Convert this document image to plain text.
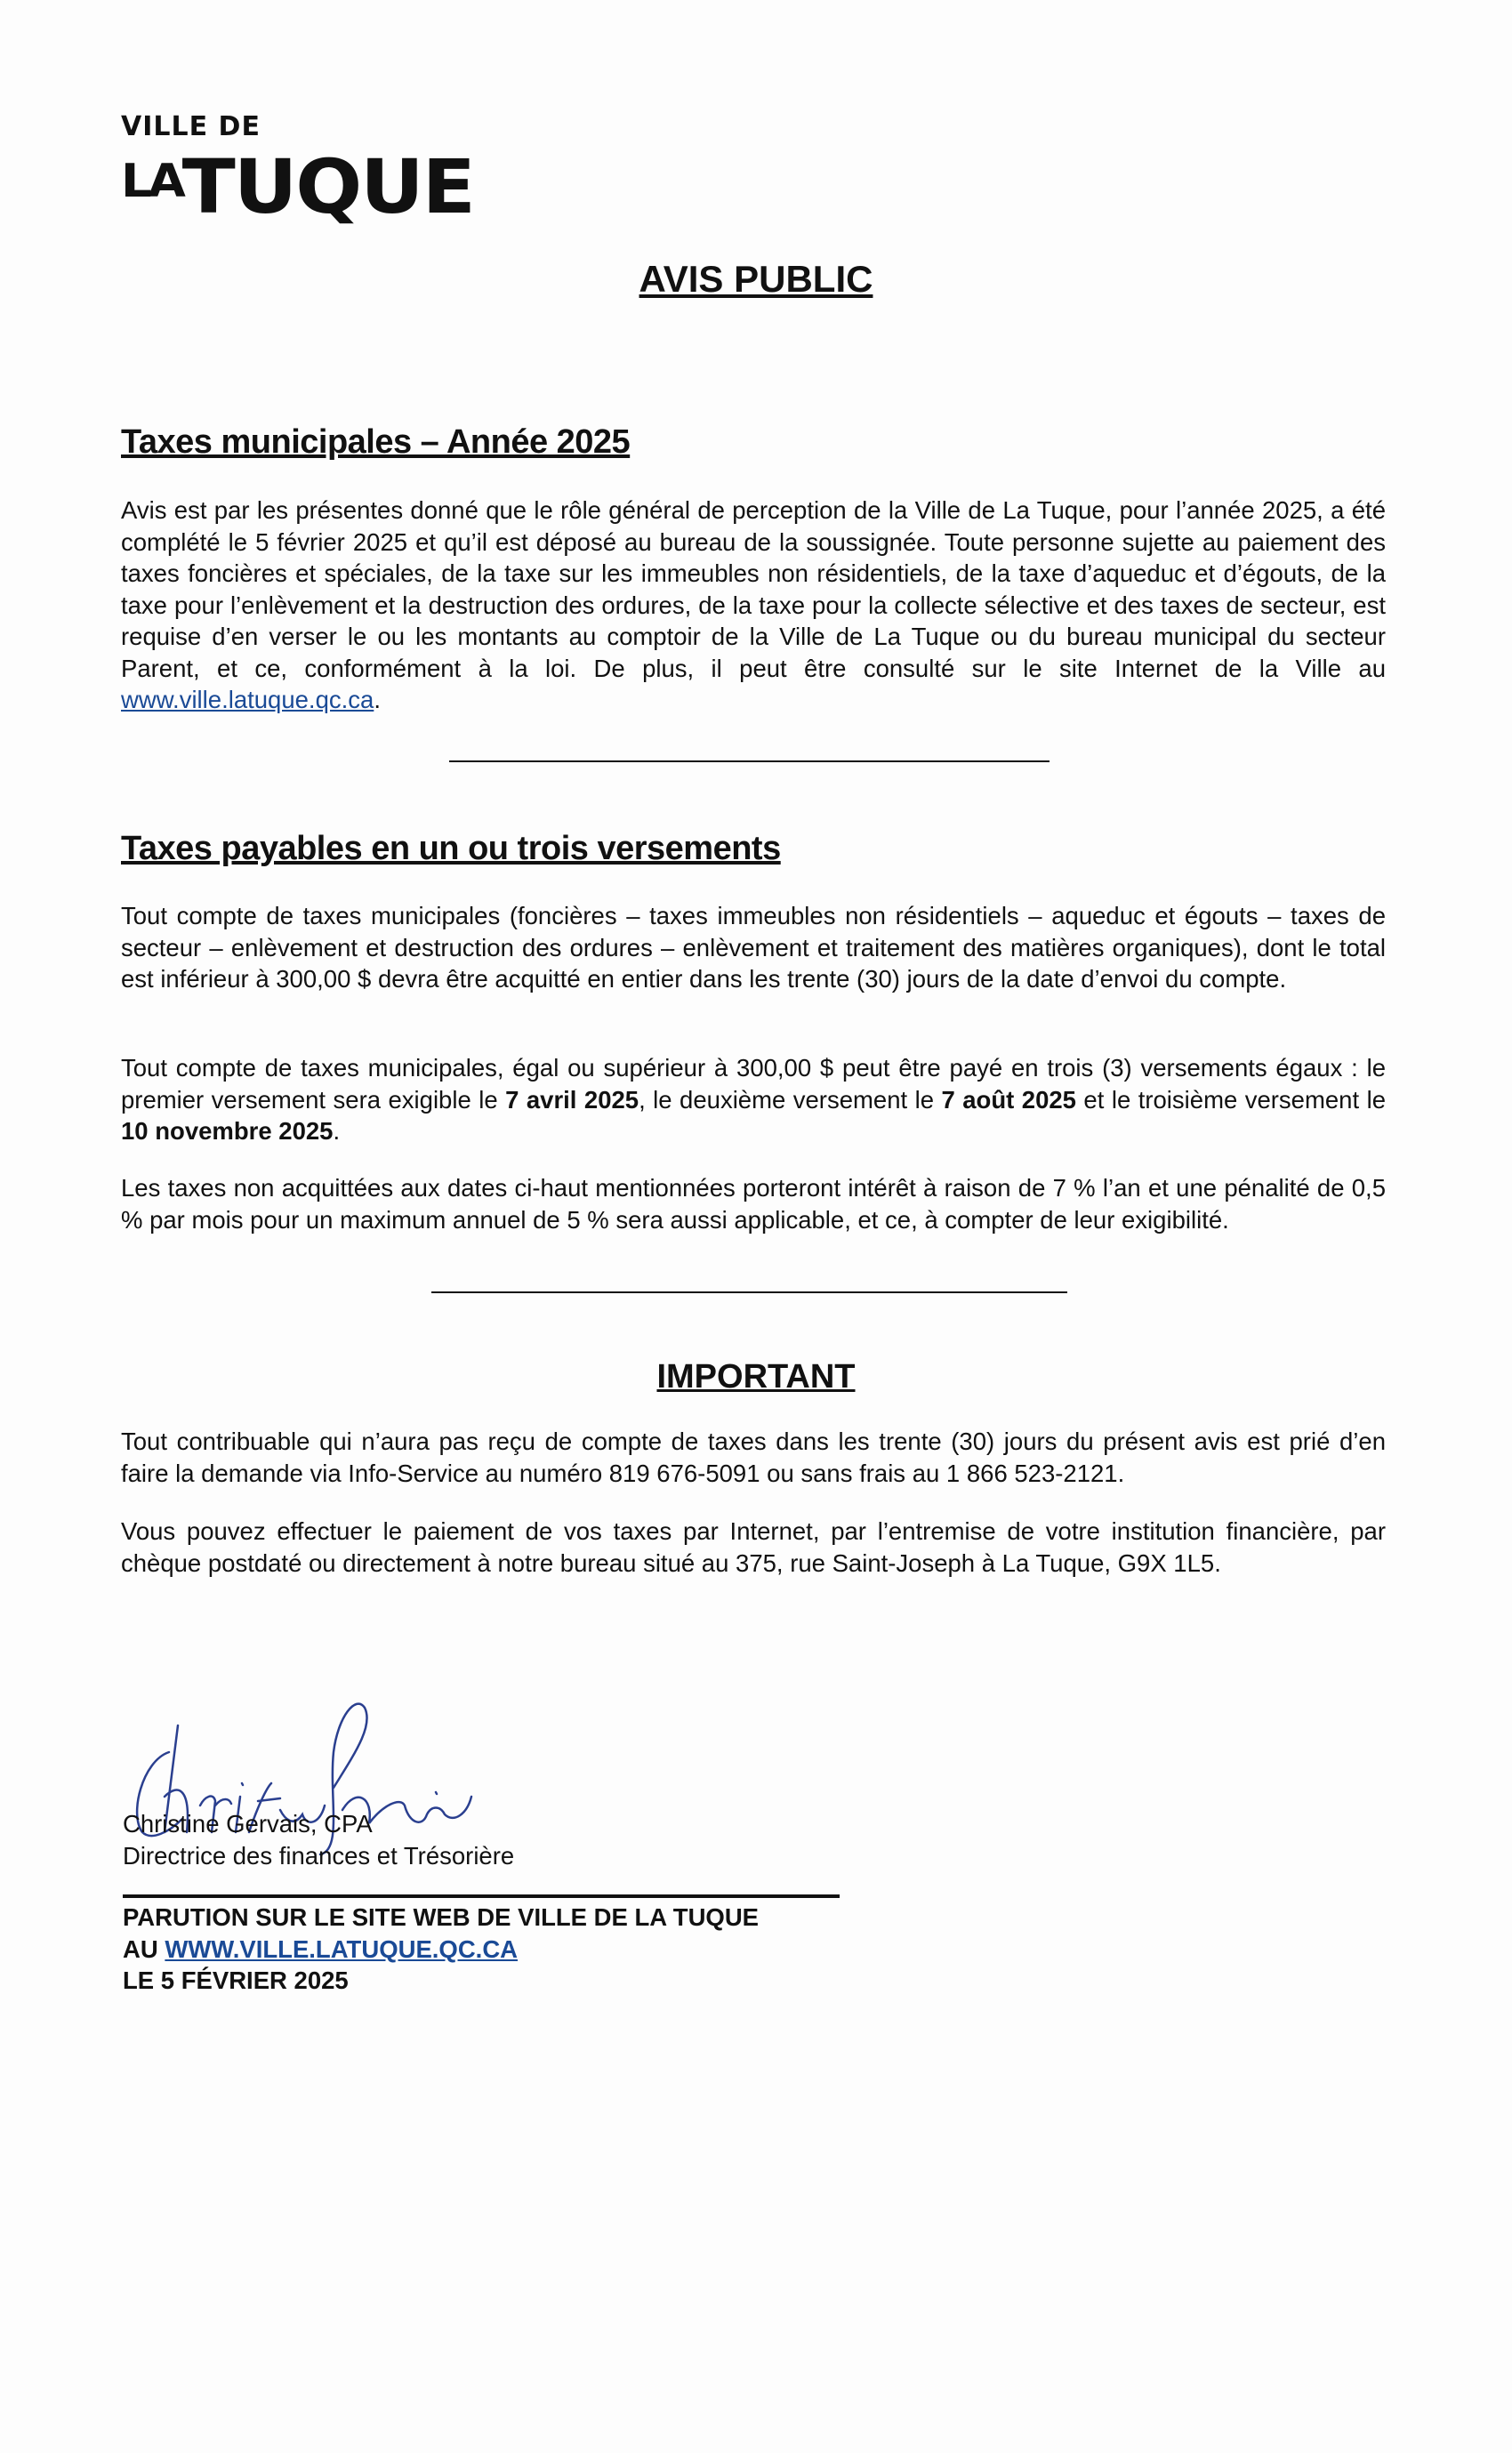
VILLE DE
$^{LA}$TUQUE
AVIS PUBLIC
Taxes municipales – Année 2025
Avis est par les présentes donné que le rôle général de perception de la Ville de La Tuque, pour l’année 2025, a été complété le 5 février 2025 et qu’il est déposé au bureau de la soussignée. Toute personne sujette au paiement des taxes foncières et spéciales, de la taxe sur les immeubles non résidentiels, de la taxe d’aqueduc et d’égouts, de la taxe pour l’enlèvement et la destruction des ordures, de la taxe pour la collecte sélective et des taxes de secteur, est requise d’en verser le ou les montants au comptoir de la Ville de La Tuque ou du bureau municipal du secteur Parent, et ce, conformément à la loi. De plus, il peut être consulté sur le site Internet de la Ville au www.ville.latuque.qc.ca.
Taxes payables en un ou trois versements
Tout compte de taxes municipales (foncières – taxes immeubles non résidentiels – aqueduc et égouts – taxes de secteur – enlèvement et destruction des ordures – enlèvement et traitement des matières organiques), dont le total est inférieur à 300,00 $ devra être acquitté en entier dans les trente (30) jours de la date d’envoi du compte.
Tout compte de taxes municipales, égal ou supérieur à 300,00 $ peut être payé en trois (3) versements égaux : le premier versement sera exigible le 7 avril 2025, le deuxième versement le 7 août 2025 et le troisième versement le 10 novembre 2025.
Les taxes non acquittées aux dates ci-haut mentionnées porteront intérêt à raison de 7 % l’an et une pénalité de 0,5 % par mois pour un maximum annuel de 5 % sera aussi applicable, et ce, à compter de leur exigibilité.
IMPORTANT
Tout contribuable qui n’aura pas reçu de compte de taxes dans les trente (30) jours du présent avis est prié d’en faire la demande via Info-Service au numéro 819 676-5091 ou sans frais au 1 866 523-2121.
Vous pouvez effectuer le paiement de vos taxes par Internet, par l’entremise de votre institution financière, par chèque postdaté ou directement à notre bureau situé au 375, rue Saint-Joseph à La Tuque, G9X 1L5.
Christine Gervais, CPA
Directrice des finances et Trésorière
PARUTION SUR LE SITE WEB DE VILLE DE LA TUQUE
AU WWW.VILLE.LATUQUE.QC.CA
LE 5 FÉVRIER 2025
